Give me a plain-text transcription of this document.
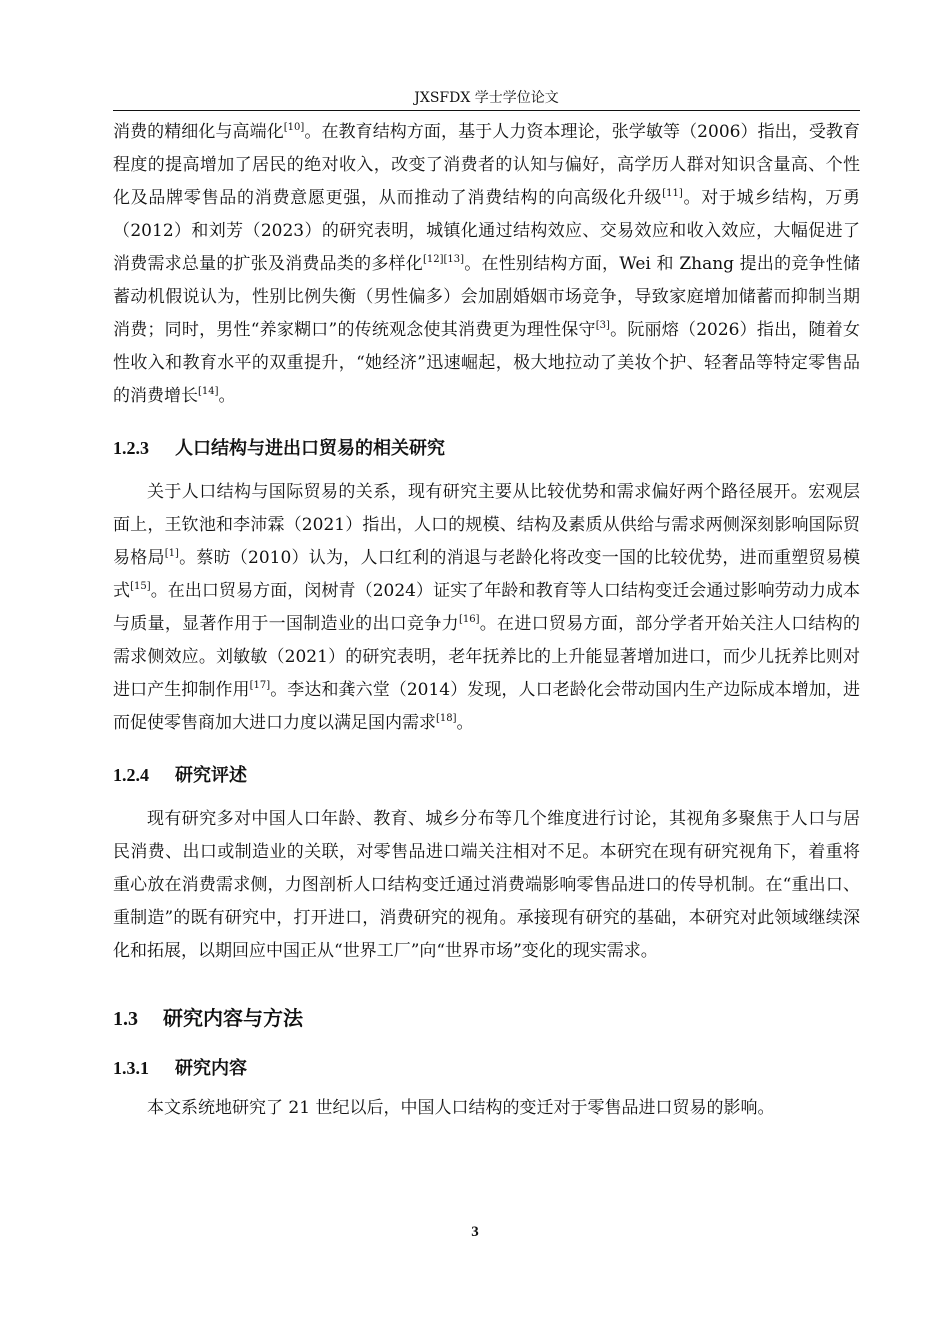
JXSFDX 学士学位论文

消费的精细化与高端化[10]。在教育结构方面，基于人力资本理论，张学敏等（2006）指出，受教育程度的提高增加了居民的绝对收入，改变了消费者的认知与偏好，高学历人群对知识含量高、个性化及品牌零售品的消费意愿更强，从而推动了消费结构的向高级化升级[11]。对于城乡结构，万勇（2012）和刘芳（2023）的研究表明，城镇化通过结构效应、交易效应和收入效应，大幅促进了消费需求总量的扩张及消费品类的多样化[12][13]。在性别结构方面，Wei 和 Zhang 提出的竞争性储蓄动机假说认为，性别比例失衡（男性偏多）会加剧婚姻市场竞争，导致家庭增加储蓄而抑制当期消费；同时，男性“养家糊口”的传统观念使其消费更为理性保守[3]。阮丽熔（2026）指出，随着女性收入和教育水平的双重提升，“她经济”迅速崛起，极大地拉动了美妆个护、轻奢品等特定零售品的消费增长[14]。

1.2.3 人口结构与进出口贸易的相关研究

关于人口结构与国际贸易的关系，现有研究主要从比较优势和需求偏好两个路径展开。宏观层面上，王钦池和李沛霖（2021）指出，人口的规模、结构及素质从供给与需求两侧深刻影响国际贸易格局[1]。蔡昉（2010）认为，人口红利的消退与老龄化将改变一国的比较优势，进而重塑贸易模式[15]。在出口贸易方面，闵树青（2024）证实了年龄和教育等人口结构变迁会通过影响劳动力成本与质量，显著作用于一国制造业的出口竞争力[16]。在进口贸易方面，部分学者开始关注人口结构的需求侧效应。刘敏敏（2021）的研究表明，老年抚养比的上升能显著增加进口，而少儿抚养比则对进口产生抑制作用[17]。李达和龚六堂（2014）发现，人口老龄化会带动国内生产边际成本增加，进而促使零售商加大进口力度以满足国内需求[18]。

1.2.4 研究评述

现有研究多对中国人口年龄、教育、城乡分布等几个维度进行讨论，其视角多聚焦于人口与居民消费、出口或制造业的关联，对零售品进口端关注相对不足。本研究在现有研究视角下，着重将重心放在消费需求侧，力图剖析人口结构变迁通过消费端影响零售品进口的传导机制。在“重出口、重制造”的既有研究中，打开进口，消费研究的视角。承接现有研究的基础，本研究对此领域继续深化和拓展，以期回应中国正从“世界工厂”向“世界市场”变化的现实需求。

1.3 研究内容与方法
1.3.1 研究内容

本文系统地研究了 21 世纪以后，中国人口结构的变迁对于零售品进口贸易的影响。

3
